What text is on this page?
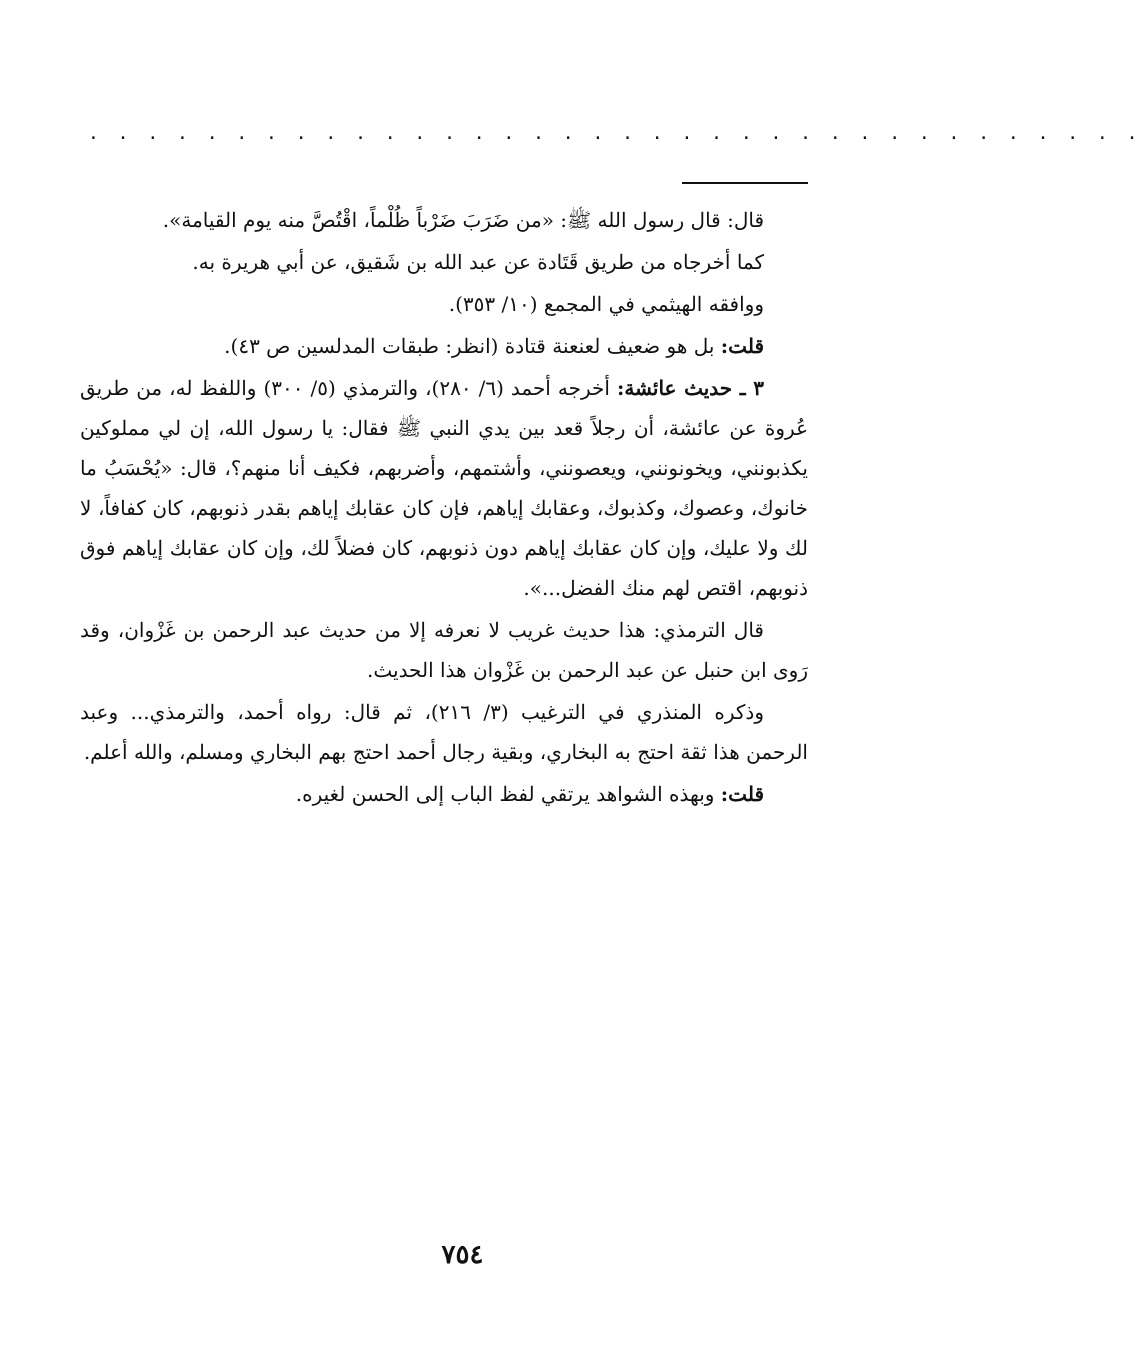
. . . . . . . . . . . . . . . . . . . . . . . . . . . . . . . . . . . .

قال: قال رسول الله ﷺ: «من ضَرَبَ ضَرْباً ظُلْماً، اقْتُصَّ منه يوم القيامة».

كما أخرجاه من طريق قَتَادة عن عبد الله بن شَقيق، عن أبي هريرة به.

ووافقه الهيثمي في المجمع (١٠/ ٣٥٣).

قلت: بل هو ضعيف لعنعنة قتادة (انظر: طبقات المدلسين ص ٤٣).

٣ ـ حديث عائشة: أخرجه أحمد (٦/ ٢٨٠)، والترمذي (٥/ ٣٠٠) واللفظ له، من طريق عُروة عن عائشة، أن رجلاً قعد بين يدي النبي ﷺ فقال: يا رسول الله، إن لي مملوكين يكذبونني، ويخونونني، ويعصونني، وأشتمهم، وأضربهم، فكيف أنا منهم؟، قال: «يُحْسَبُ ما خانوك، وعصوك، وكذبوك، وعقابك إياهم، فإن كان عقابك إياهم بقدر ذنوبهم، كان كفافاً، لا لك ولا عليك، وإن كان عقابك إياهم دون ذنوبهم، كان فضلاً لك، وإن كان عقابك إياهم فوق ذنوبهم، اقتص لهم منك الفضل...».

قال الترمذي: هذا حديث غريب لا نعرفه إلا من حديث عبد الرحمن بن غَزْوان، وقد رَوى ابن حنبل عن عبد الرحمن بن غَزْوان هذا الحديث.

وذكره المنذري في الترغيب (٣/ ٢١٦)، ثم قال: رواه أحمد، والترمذي... وعبد الرحمن هذا ثقة احتج به البخاري، وبقية رجال أحمد احتج بهم البخاري ومسلم، والله أعلم.

قلت: وبهذه الشواهد يرتقي لفظ الباب إلى الحسن لغيره.

٧٥٤
